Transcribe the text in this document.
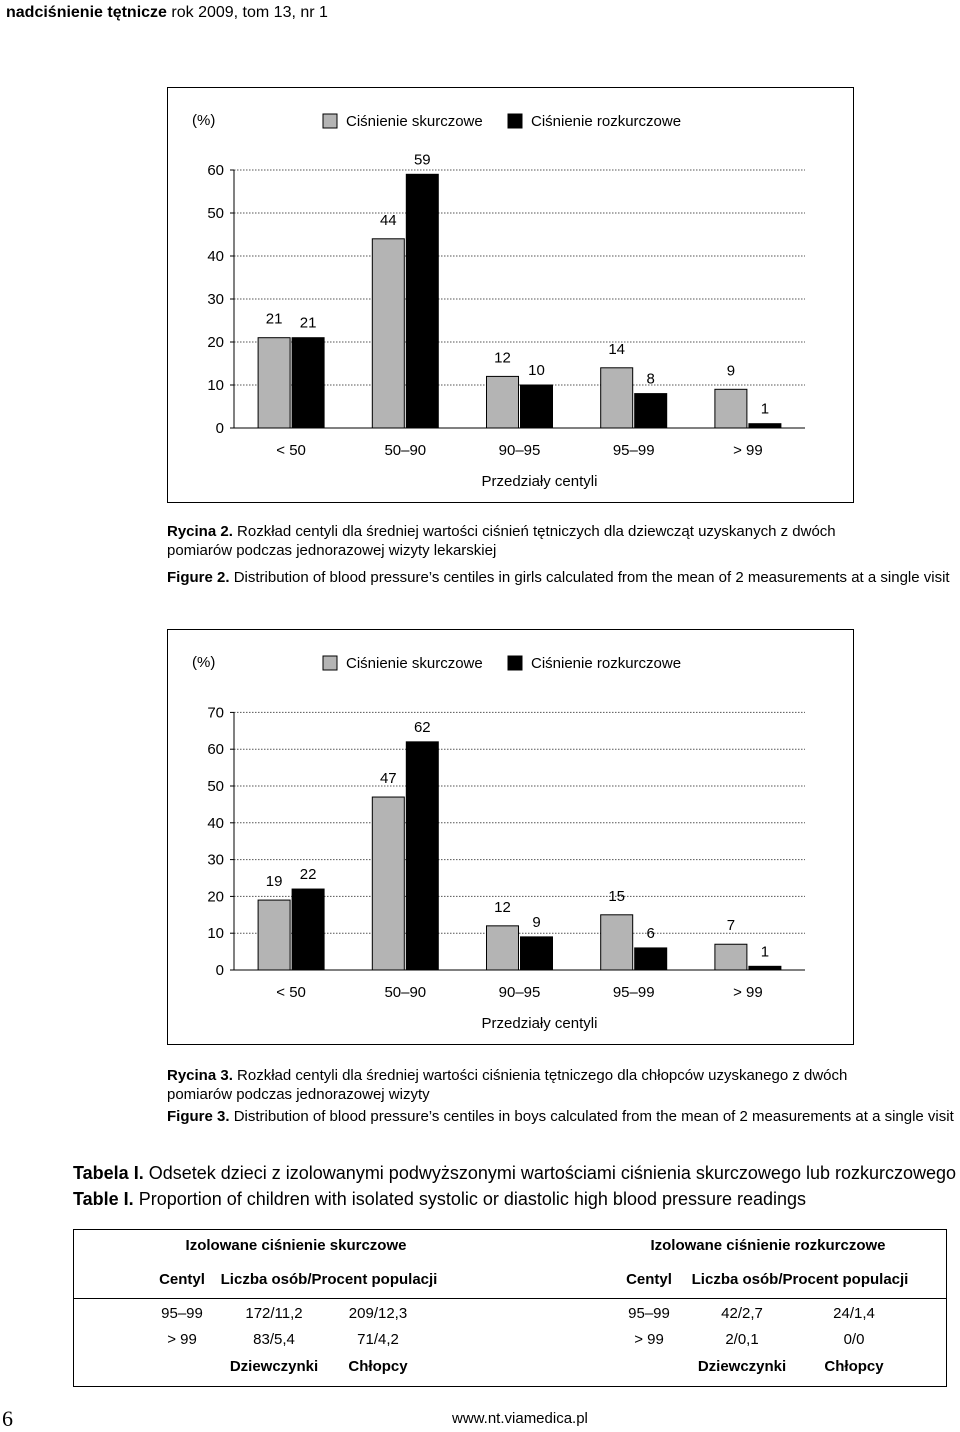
nadciśnienie tętnicze rok 2009, tom 13, nr 1
(%)	Ciśnienie skurczowe	Ciśnienie rozkurczowe
0
10
20
30
40
50
60
< 50
21 21
50–90
44
59
90–95
12
10
95–99
14
8
> 99
9
1
Przedziały centyli
Rycina 2. Rozkład centyli dla średniej wartości ciśnień tętniczych dla dziewcząt uzyskanych z dwóch pomiarów podczas jednorazowej wizyty lekarskiej
Figure 2. Distribution of blood pressure’s centiles in girls calculated from the mean of 2 measurements at a single visit
(%)	Ciśnienie skurczowe	Ciśnienie rozkurczowe
0
10
20
30
40
50
60
70
< 50
19 22
50–90
47
62
90–95
12
9
95–99
15
6
> 99
7
1
Przedziały centyli
Rycina 3. Rozkład centyli dla średniej wartości ciśnienia tętniczego dla chłopców uzyskanego z dwóch pomiarów podczas jednorazowej wizyty
Figure 3. Distribution of blood pressure’s centiles in boys calculated from the mean of 2 measurements at a single visit
Tabela I. Odsetek dzieci z izolowanymi podwyższonymi wartościami ciśnienia skurczowego lub rozkurczowego
Table I. Proportion of children with isolated systolic or diastolic high blood pressure readings
Izolowane ciśnienie skurczowe	Izolowane ciśnienie rozkurczowe
Centyl Liczba osób/Procent populacji	Centyl Liczba osób/Procent populacji
95–99	172/11,2	209/12,3	95–99	42/2,7	24/1,4
> 99	83/5,4	71/4,2	> 99	2/0,1	0/0
Dziewczynki Chłopcy	Dziewczynki	Chłopcy
6	www.nt.viamedica.pl
